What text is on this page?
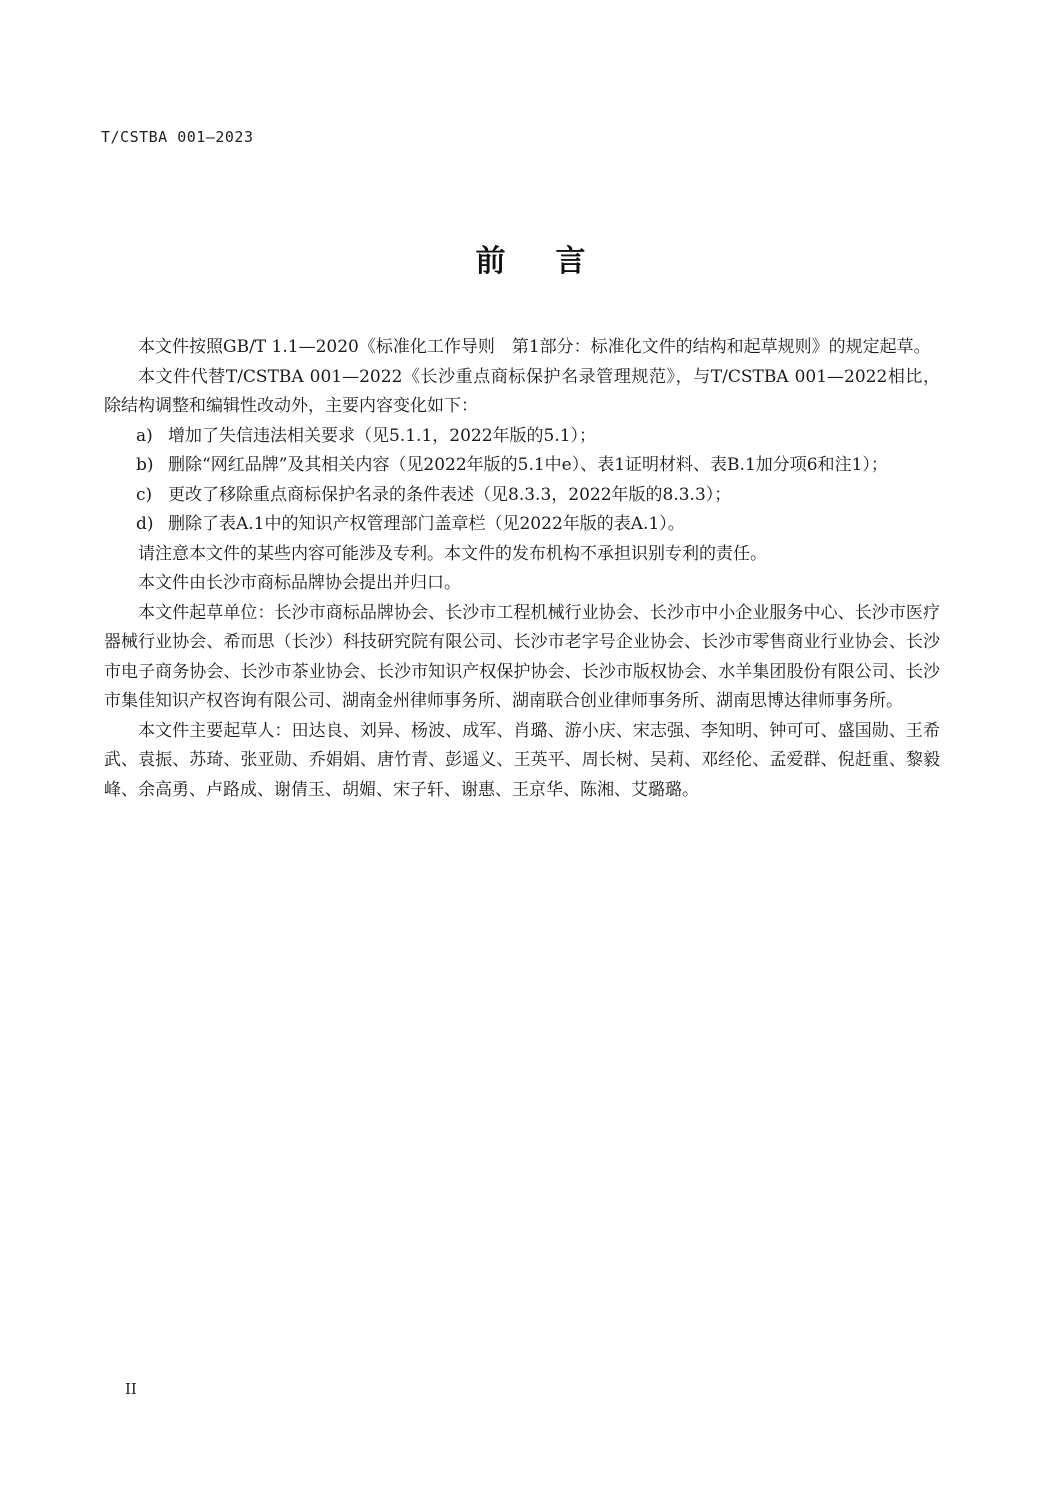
T/CSTBA 001—2023
前言

本文件按照GB/T 1.1—2020《标准化工作导则　第1部分：标准化文件的结构和起草规则》的规定起草。

本文件代替T/CSTBA 001—2022《长沙重点商标保护名录管理规范》，与T/CSTBA 001—2022相比，除结构调整和编辑性改动外，主要内容变化如下：

a) 增加了失信违法相关要求（见5.1.1，2022年版的5.1）；

b) 删除“网红品牌”及其相关内容（见2022年版的5.1中e）、表1证明材料、表B.1加分项6和注1）；

c) 更改了移除重点商标保护名录的条件表述（见8.3.3，2022年版的8.3.3）；

d) 删除了表A.1中的知识产权管理部门盖章栏（见2022年版的表A.1）。

请注意本文件的某些内容可能涉及专利。本文件的发布机构不承担识别专利的责任。

本文件由长沙市商标品牌协会提出并归口。

本文件起草单位：长沙市商标品牌协会、长沙市工程机械行业协会、长沙市中小企业服务中心、长沙市医疗器械行业协会、希而思（长沙）科技研究院有限公司、长沙市老字号企业协会、长沙市零售商业行业协会、长沙市电子商务协会、长沙市茶业协会、长沙市知识产权保护协会、长沙市版权协会、水羊集团股份有限公司、长沙市集佳知识产权咨询有限公司、湖南金州律师事务所、湖南联合创业律师事务所、湖南思博达律师事务所。

本文件主要起草人：田达良、刘异、杨波、成军、肖璐、游小庆、宋志强、李知明、钟可可、盛国勋、王希武、袁振、苏琦、张亚勋、乔娟娟、唐竹青、彭遥义、王英平、周长树、吴莉、邓经伦、孟爱群、倪赶重、黎毅峰、余高勇、卢路成、谢倩玉、胡媚、宋子轩、谢惠、王京华、陈湘、艾璐璐。

II
